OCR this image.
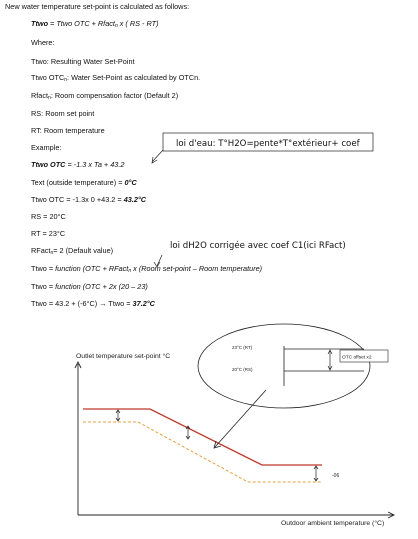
New water temperature set-point is calculated as follows:
Ttwo = Ttwo OTC + Rfact$_n$ x ( RS - RT)
Where:
Ttwo: Resulting Water Set-Point
Ttwo $OTC_n$: Water Set-Point as calculated by OTCn.
Rfact$_n$: Room compensation factor (Default 2)
RS: Room set point
RT: Room temperature
Example:
Ttwo OTC = -1.3 x Ta + 43.2
Text (outside temperature) = 0°C
Ttwo OTC = -1.3x 0 +43.2 = 43.2°C
RS = 20°C
RT = 23°C
RFact$_n$= 2 (Default value)
Ttwo = function (OTC + RFact$_n$ x (Room set-point – Room temperature)
Ttwo = function (OTC + 2x (20 – 23)
Ttwo = 43.2 + (-6°C) → Ttwo = 37.2°C
loi d'eau: T°H2O=pente*T°extérieur+ coef
loi dH2O corrigée avec coef C1(ici RFact)
Outlet temperature set-point °C
Outdoor ambient temperature (°C)
-06
23°C (RT)
20°C (RS)
OTC offset x2
